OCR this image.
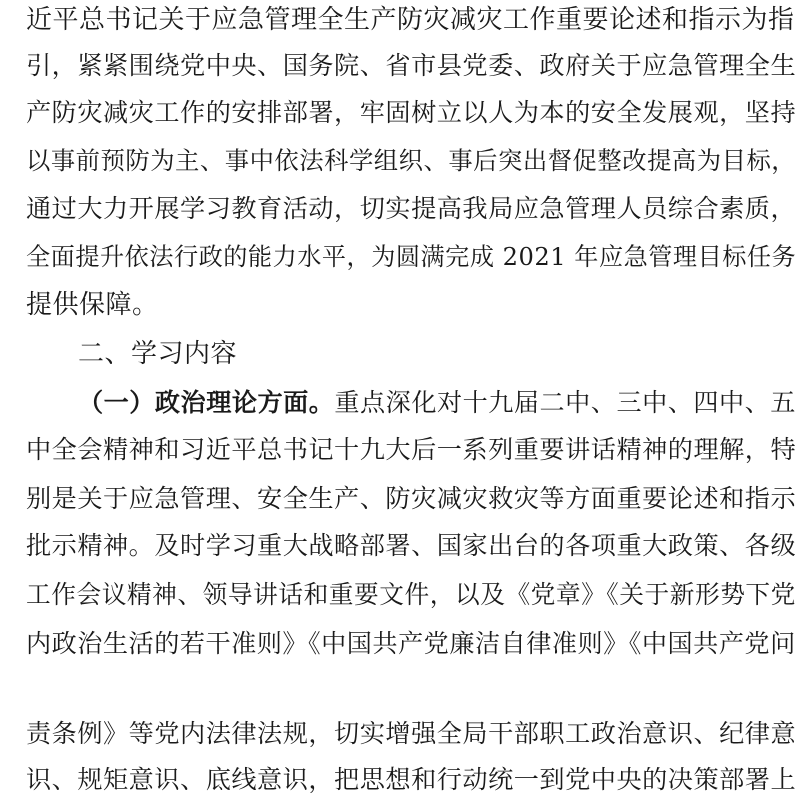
近平总书记关于应急管理全生产防灾减灾工作重要论述和指示为指
引，紧紧围绕党中央、国务院、省市县党委、政府关于应急管理全生
产防灾减灾工作的安排部署，牢固树立以人为本的安全发展观，坚持
以事前预防为主、事中依法科学组织、事后突出督促整改提高为目标，
通过大力开展学习教育活动，切实提高我局应急管理人员综合素质，
全面提升依法行政的能力水平，为圆满完成 2021 年应急管理目标任务
提供保障。
二、学习内容
（一）政治理论方面。重点深化对十九届二中、三中、四中、五
中全会精神和习近平总书记十九大后一系列重要讲话精神的理解，特
别是关于应急管理、安全生产、防灾减灾救灾等方面重要论述和指示
批示精神。及时学习重大战略部署、国家出台的各项重大政策、各级
工作会议精神、领导讲话和重要文件，以及《党章》《关于新形势下党
内政治生活的若干准则》《中国共产党廉洁自律准则》《中国共产党问
责条例》等党内法律法规，切实增强全局干部职工政治意识、纪律意
识、规矩意识、底线意识，把思想和行动统一到党中央的决策部署上
